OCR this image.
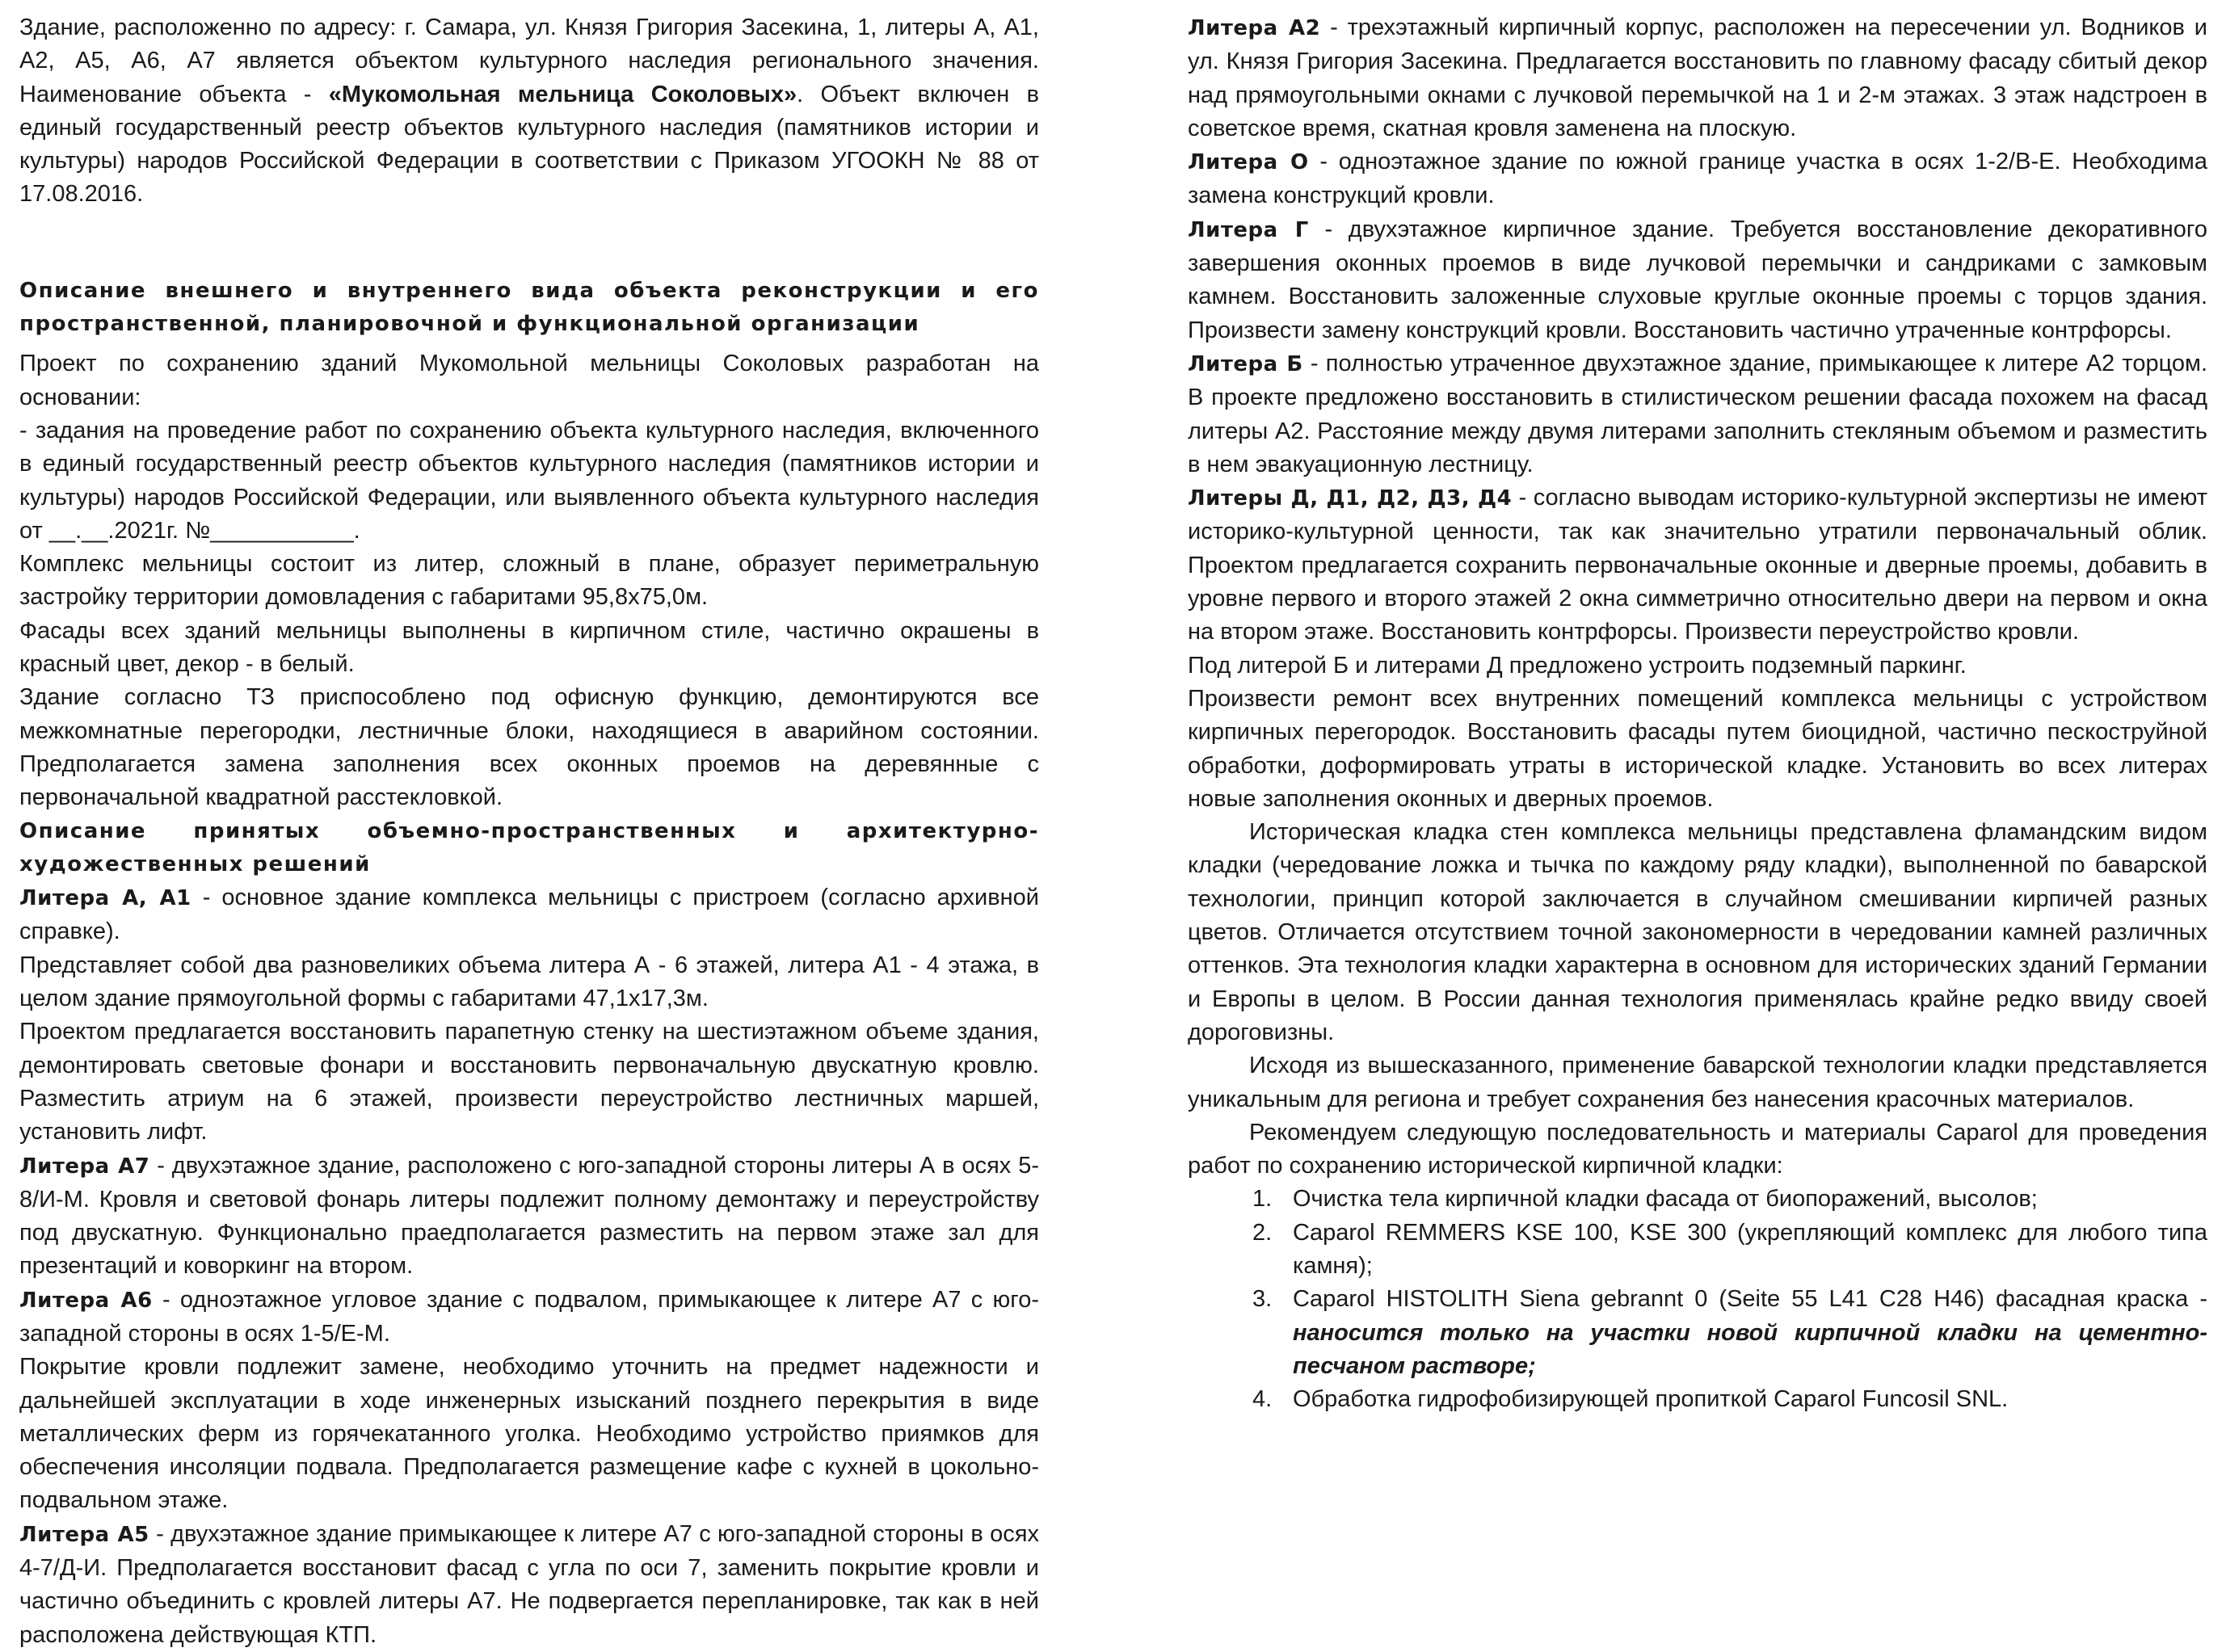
Здание, расположенно по адресу: г. Самара, ул. Князя Григория Засекина, 1, литеры А, А1, А2, А5, А6, А7 является объектом культурного наследия регионального значения. Наименование объекта - «Мукомольная мельница Соколовых». Объект включен в единый государственный реестр объектов культурного наследия (памятников истории и культуры) народов Российской Федерации в соответствии с Приказом УГООКН № 88 от 17.08.2016.

Описание внешнего и внутреннего вида объекта реконструкции и его пространственной, планировочной и функциональной организации

Проект по сохранению зданий Мукомольной мельницы Соколовых разработан на основании:

- задания на проведение работ по сохранению объекта культурного наследия, включенного в единый государственный реестр объектов культурного наследия (памятников истории и культуры) народов Российской Федерации, или выявленного объекта культурного наследия от __.__.2021г. №___________.

Комплекс мельницы состоит из литер, сложный в плане, образует периметральную застройку территории домовладения с габаритами 95,8х75,0м.

Фасады всех зданий мельницы выполнены в кирпичном стиле, частично окрашены в красный цвет, декор - в белый.

Здание согласно ТЗ приспособлено под офисную функцию, демонтируются все межкомнатные перегородки, лестничные блоки, находящиеся в аварийном состоянии. Предполагается замена заполнения всех оконных проемов на деревянные с первоначальной квадратной расстекловкой.

Описание принятых объемно-пространственных и архитектурно-художественных решений

Литера А, А1 - основное здание комплекса мельницы с пристроем (согласно архивной справке).

Представляет собой два разновеликих объема литера А - 6 этажей, литера А1 - 4 этажа, в целом здание прямоугольной формы с габаритами 47,1х17,3м.

Проектом предлагается восстановить парапетную стенку на шестиэтажном объеме здания, демонтировать световые фонари и восстановить первоначальную двускатную кровлю. Разместить атриум на 6 этажей, произвести переустройство лестничных маршей, установить лифт.

Литера А7 - двухэтажное здание, расположено с юго-западной стороны литеры А в осях 5-8/И-М. Кровля и световой фонарь литеры подлежит полному демонтажу и переустройству под двускатную. Функционально праедполагается разместить на первом этаже зал для презентаций и коворкинг на втором.

Литера А6 - одноэтажное угловое здание с подвалом, примыкающее к литере А7 с юго-западной стороны в осях 1-5/Е-М.

Покрытие кровли подлежит замене, необходимо уточнить на предмет надежности и дальнейшей эксплуатации в ходе инженерных изысканий позднего перекрытия в виде металлических ферм из горячекатанного уголка. Необходимо устройство приямков для обеспечения инсоляции подвала. Предполагается размещение кафе с кухней в цокольно-подвальном этаже.

Литера А5 - двухэтажное здание примыкающее к литере А7 с юго-западной стороны в осях 4-7/Д-И. Предполагается восстановит фасад с угла по оси 7, заменить покрытие кровли и частично объединить с кровлей литеры А7. Не подвергается перепланировке, так как в ней расположена действующая КТП.

Литера А2 - трехэтажный кирпичный корпус, расположен на пересечении ул. Водников и ул. Князя Григория Засекина. Предлагается восстановить по главному фасаду сбитый декор над прямоугольными окнами с лучковой перемычкой на 1 и 2-м этажах. 3 этаж надстроен в советское время, скатная кровля заменена на плоскую.

Литера О - одноэтажное здание по южной границе участка в осях 1-2/В-Е. Необходима замена конструкций кровли.

Литера Г - двухэтажное кирпичное здание. Требуется восстановление декоративного завершения оконных проемов в виде лучковой перемычки и сандриками с замковым камнем. Восстановить заложенные слуховые круглые оконные проемы с торцов здания. Произвести замену конструкций кровли. Восстановить частично утраченные контрфорсы.

Литера Б - полностью утраченное двухэтажное здание, примыкающее к литере А2 торцом. В проекте предложено восстановить в стилистическом решении фасада похожем на фасад литеры А2. Расстояние между двумя литерами заполнить стекляным объемом и разместить в нем эвакуационную лестницу.

Литеры Д, Д1, Д2, Д3, Д4 - согласно выводам историко-культурной экспертизы не имеют историко-культурной ценности, так как значительно утратили первоначальный облик. Проектом предлагается сохранить первоначальные оконные и дверные проемы, добавить в уровне первого и второго этажей 2 окна симметрично относительно двери на первом и окна на втором этаже. Восстановить контрфорсы. Произвести переустройство кровли.

Под литерой Б и литерами Д предложено устроить подземный паркинг.

Произвести ремонт всех внутренних помещений комплекса мельницы с устройством кирпичных перегородок. Восстановить фасады путем биоцидной, частично пескоструйной обработки, доформировать утраты в исторической кладке. Установить во всех литерах новые заполнения оконных и дверных проемов.

Историческая кладка стен комплекса мельницы представлена фламандским видом кладки (чередование ложка и тычка по каждому ряду кладки), выполненной по баварской технологии, принцип которой заключается в случайном смешивании кирпичей разных цветов. Отличается отсутствием точной закономерности в чередовании камней различных оттенков. Эта технология кладки характерна в основном для исторических зданий Германии и Европы в целом. В России данная технология применялась крайне редко ввиду своей дороговизны.

Исходя из вышесказанного, применение баварской технологии кладки представляется уникальным для региона и требует сохранения без нанесения красочных материалов.

Рекомендуем следующую последовательность и материалы Caparol для проведения работ по сохранению исторической кирпичной кладки:

1. Очистка тела кирпичной кладки фасада от биопоражений, высолов;
2. Caparol REMMERS KSE 100, KSE 300 (укрепляющий комплекс для любого типа камня);
3. Caparol HISTOLITH Siena gebrannt 0 (Seite 55 L41 C28 H46) фасадная краска - наносится только на участки новой кирпичной кладки на цементно-песчаном растворе;
4. Обработка гидрофобизирующей пропиткой Caparol Funcosil SNL.
